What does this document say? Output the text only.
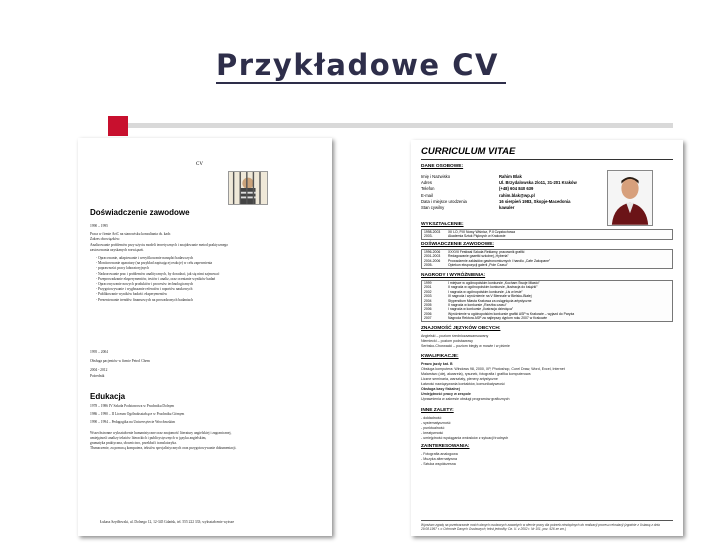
Przykładowe CV
CV
Doświadczenie zawodowe
1990 – 1995
Praca w firmie ArtC na stanowisku konsultanta ds. kadr.
Zakres obowiązków:
Analizowanie problemów przy użyciu modeli teoretycznych i znajdowanie metod praktycznego
zastosowania uzyskanych rozwiązań.
- Opracowanie, adaptowanie i weryfikowanie narzędzi badawczych
- Monitorowanie aparatury (na przykład zapisującej reakcje) w celu zapewnienia
- poprawności pracy laboratoryjnych
- Nadzorowanie prac i problemów analitycznych, by doradzać, jak się nimi zajmować
- Przeprowadzanie eksperymentów, testów i analiz, oraz ocenianie wyników badań
- Opracowywanie nowych produktów i procesów technologicznych
- Przygotowywanie i wygłaszanie referatów i raportów naukowych
- Publikowanie wyników badań i eksperymentów
- Prezentowanie trendów finansowych na prowadzonych badaniach
1995 – 2004
Obsługa pacjentów w firmie Petrol Chem
2004 - 2012
Pośrednik
Edukacja
1978 – 1986 IV Szkoła Podstawowa w Pruchniku Dolnym
1986 – 1990 – II Liceum Ogólnokształcące w Pruchniku Górnym
1990 – 1994 – Pedagogika na Uniwersytecie Wrocławskim
Wszechstronne wykształcenie humanistyczne oraz znajomość literatury angielskiej i zagranicznej,
umiejętność analizy tekstów literackich i publicystycznych w języku angielskim,
gramatyka praktyczna, słownictwo, przekład i translatoryka.
Tłumaczenie, za pomocą komputera, tekstów specjalistycznych oraz przygotowywanie dokumentacji.
Łukasz Szydłowski, ul. Dolnego 12, 12-345 Gdańsk, tel. 555 222 333; wykształcenie wyższe
CURRICULUM VITAE
DANE OSOBOWE:
Imię i Nazwisko	Rahim Blak
Adres	Ul. Brzydalowska 2/o11, 31-201 Kraków
Telefon	(+48) 604 840 639
E-mail	rahim.blak@wp.pl
Data i miejsce urodzenia	16 sierpień 1983, Skopje-Macedonia
Stan cywilny	kawaler
WYKSZTAŁCENIE:
1998-2003	XII LO, P.III Nowy Wiśnicz, P.II Częstochowa
2003-	Akademia Sztuk Pięknych w Krakowie
DOŚWIADCZENIE ZAWODOWE:
1996-2006	XXXVII Festiwal Szkoła Reklamy, pracownik grafiki
2001-2003	Redagowanie gazetki szkolnej „Hyberia”
2004-2006	Prowadzenie zakładów gastronomicznych i handlu „Cafe Zakopane”
2005-	Opiekun ekspozycji galerii „Pole Czasu”
NAGRODY I WYRÓŻNIENIA:
1999	I miejsce w ogólnopolskim konkursie „Kocham Swoje Miasto”
2001	II nagroda w ogólnopolskim konkursie „Ilustracja do książki”
2002	I nagroda w ogólnopolskim konkursie „Lis w lesie”
2003	III nagroda i wyróżnienie na V Biennale w Bielsku-Białej
2004	Stypendium Miasta Krakowa za osiągnięcia artystyczne
2005	II nagroda w konkursie „Rzeźba czasu”
2006	I nagroda w konkursie „Ilustracja dziecięca”
2006	Wyróżnienie w ogólnopolskim konkursie grafiki ASP w Krakowie – wyjazd do Paryża
2007	Nagroda Rektora ASP za najlepszy dyplom roku 2007 w Krakowie
ZNAJOMOŚĆ JĘZYKÓW OBCYCH:
Angielski – poziom średniozaawansowany
Niemiecki – poziom podstawowy
Serbsko-Chorwacki – poziom biegły w mowie i w piśmie
KWALIFIKACJE:
Prawo jazdy kat. B
Obsługa komputera: Windows 98, 2000, XP, Photoshop, Corel Draw, Word, Excel, Internet
Malarstwo (olej, akwarela), rysunek, fotografia i grafika komputerowa
Liczne seminaria, warsztaty, plenery artystyczne
Łatwość nawiązywania kontaktów, komunikatywność
Obsługa kasy fiskalnej
Umiejętność pracy w zespole
Uprawnienia w zakresie obsługi programów graficznych
INNE ZALETY:
- dokładność
- systematyczność
- punktualność
- kreatywność
- umiejętność wyciągania wniosków z sytuacji trudnych
ZAINTERESOWANIA:
- Fotografia analogowa
- Muzyka alternatywna
- Sztuka współczesna
Wyrażam zgodę na przetwarzanie moich danych osobowych zawartych w ofercie pracy dla potrzeb niezbędnych do realizacji procesu rekrutacji (zgodnie z Ustawą z dnia 29.08.1997 r. o Ochronie Danych Osobowych; tekst jednolity: Dz. U. z 2002 r. Nr 101, poz. 926 ze zm.)
